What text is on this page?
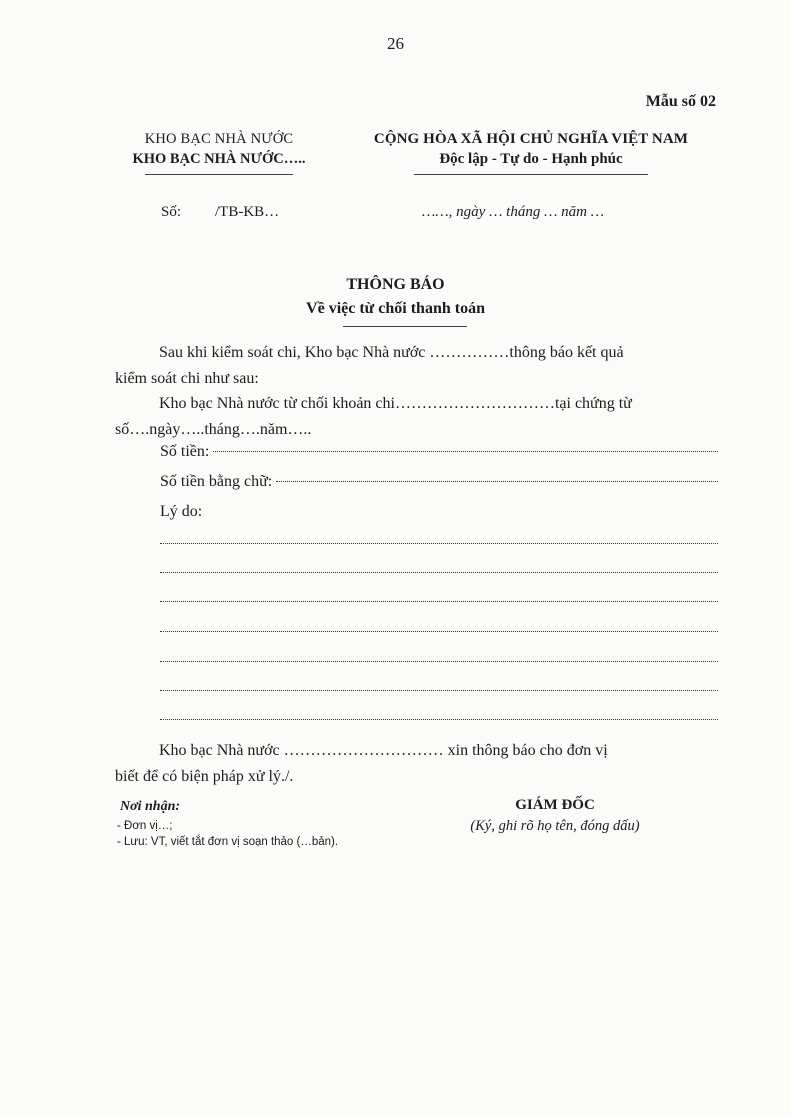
26
Mẫu số 02
KHO BẠC NHÀ NƯỚC
KHO BẠC NHÀ NƯỚC…..
CỘNG HÒA XÃ HỘI CHỦ NGHĨA VIỆT NAM
Độc lập - Tự do - Hạnh phúc
Số: /TB-KB…	……, ngày … tháng … năm …
THÔNG BÁO
Về việc từ chối thanh toán
Sau khi kiểm soát chi, Kho bạc Nhà nước ……………thông báo kết quả
kiểm soát chi như sau:
Kho bạc Nhà nước từ chối khoản chi…………………………tại chứng từ
số….ngày…..tháng….năm…..
Số tiền:
Số tiền bằng chữ:
Lý do:
Kho bạc Nhà nước ………………………… xin thông báo cho đơn vị
biết để có biện pháp xử lý./.
Nơi nhận:
- Đơn vị…;
- Lưu: VT, viết tắt đơn vị soạn thảo (…bản).
GIÁM ĐỐC
(Ký, ghi rõ họ tên, đóng dấu)
